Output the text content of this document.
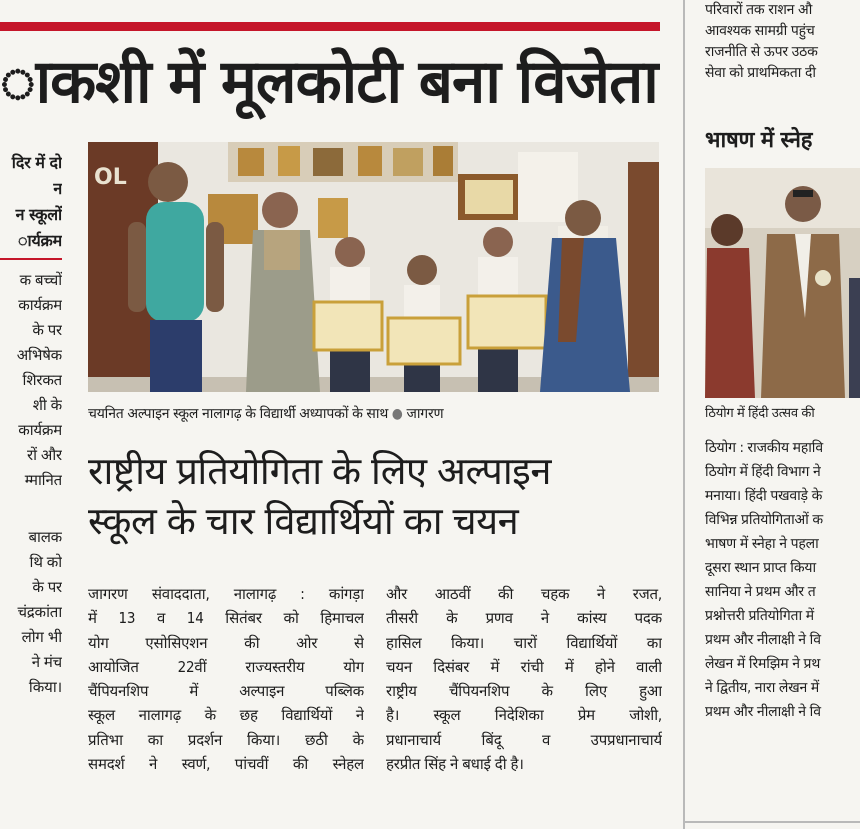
ाकशी में मूलकोटी बना विजेता
दिर में दो
न
न स्कूलों
ार्यक्रम
क बच्चों
कार्यक्रम
के पर
अभिषेक
शिरकत
शी के
कार्यक्रम
रों और
म्मानित
बालक
थि को
के पर
चंद्रकांता
लोग भी
ने मंच
किया।
OL
चयनित अल्पाइन स्कूल नालागढ़ के विद्यार्थी अध्यापकों के साथ ● जागरण
राष्ट्रीय प्रतियोगिता के लिए अल्पाइन
स्कूल के चार विद्यार्थियों का चयन
जागरण संवाददाता, नालागढ़ : कांगड़ा
में 13 व 14 सितंबर को हिमाचल
योग एसोसिएशन की ओर से
आयोजित 22वीं राज्यस्तरीय योग
चैंपियनशिप में अल्पाइन पब्लिक
स्कूल नालागढ़ के छह विद्यार्थियों ने
प्रतिभा का प्रदर्शन किया। छठी के
समदर्श ने स्वर्ण, पांचवीं की स्नेहल
और आठवीं की चहक ने रजत,
तीसरी के प्रणव ने कांस्य पदक
हासिल किया। चारों विद्यार्थियों का
चयन दिसंबर में रांची में होने वाली
राष्ट्रीय चैंपियनशिप के लिए हुआ
है। स्कूल निदेशिका प्रेम जोशी,
प्रधानाचार्य बिंदू व उपप्रधानाचार्य
हरप्रीत सिंह ने बधाई दी है।
परिवारों तक राशन औ
आवश्यक सामग्री पहुंच
राजनीति से ऊपर उठक
सेवा को प्राथमिकता दी
भाषण में स्नेह
ठियोग में हिंदी उत्सव की
ठियोग : राजकीय महावि
ठियोग में हिंदी विभाग ने
मनाया। हिंदी पखवाड़े के
विभिन्न प्रतियोगिताओं क
भाषण में स्नेहा ने पहला
दूसरा स्थान प्राप्त किया
सानिया ने प्रथम और त
प्रश्नोत्तरी प्रतियोगिता में
प्रथम और नीलाक्षी ने वि
लेखन में रिमझिम ने प्रथ
ने द्वितीय, नारा लेखन में
प्रथम और नीलाक्षी ने वि
